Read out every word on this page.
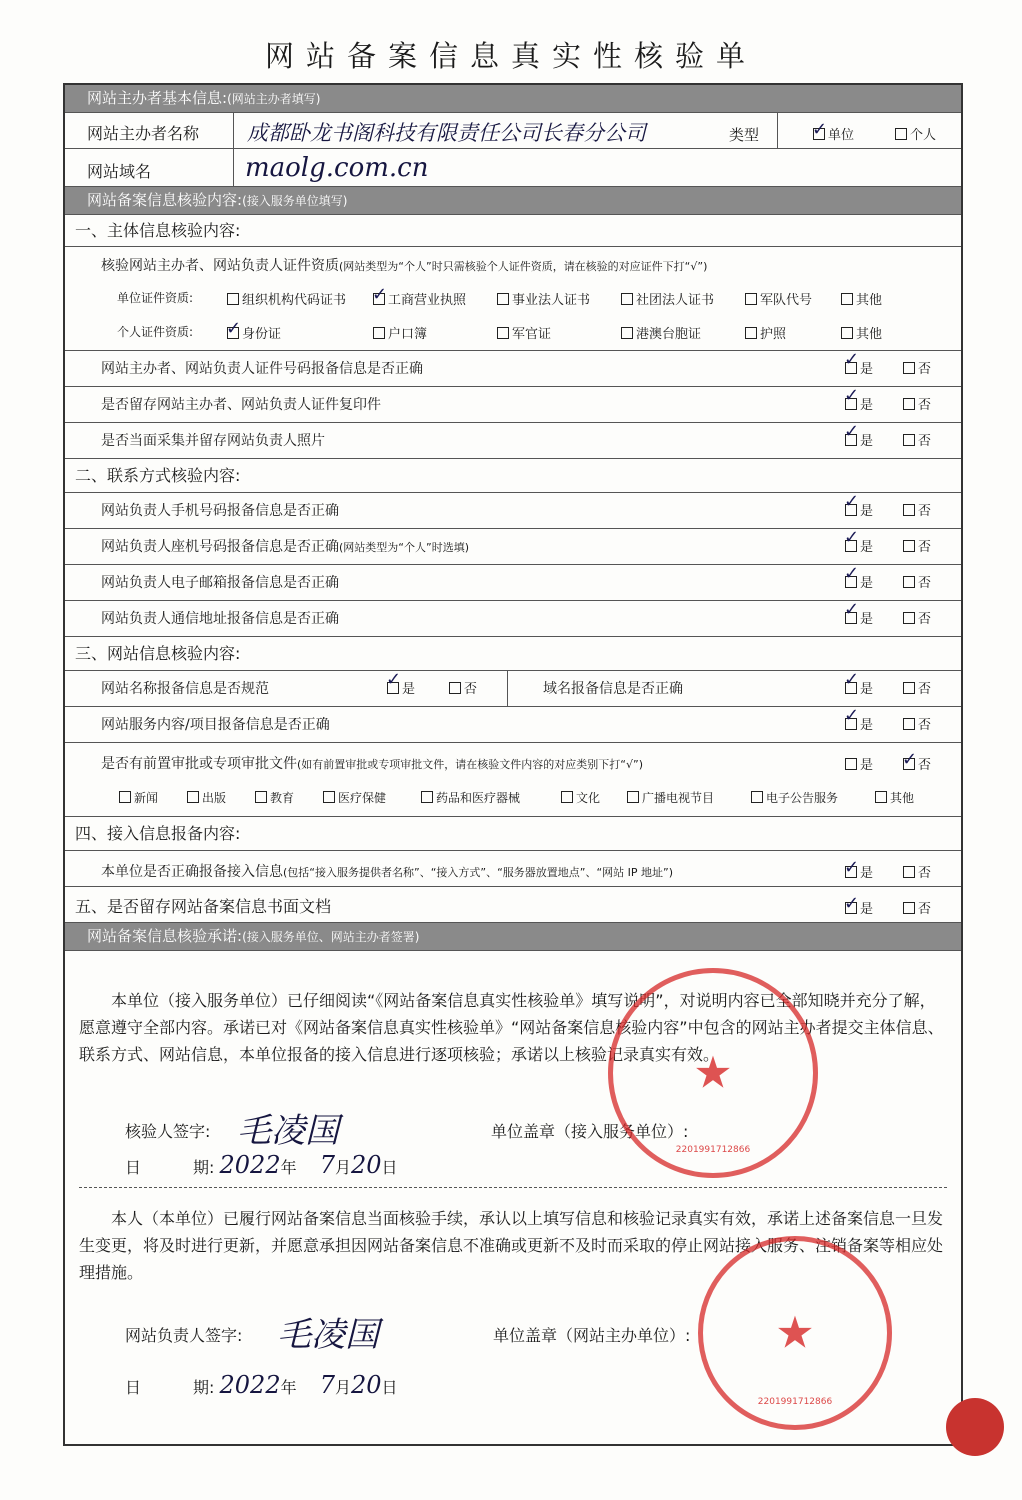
网站备案信息真实性核验单
网站主办者基本信息:(网站主办者填写)
网站主办者名称 成都卧龙书阁科技有限责任公司长春分公司	类型 ✓	单位	个人
网站域名	maolg.com.cn
网站备案信息核验内容:(接入服务单位填写)
一、主体信息核验内容:
核验网站主办者、网站负责人证件资质(网站类型为“个人”时只需核验个人证件资质，请在核验的对应证件下打“√”)
单位证件资质:	组织机构代码证书 ✓	工商营业执照	事业法人证书	社团法人证书	军队代号	其他
个人证件资质: ✓	身份证	户口簿	军官证	港澳台胞证	护照	其他
网站主办者、网站负责人证件号码报备信息是否正确 ✓	是	否
是否留存网站主办者、网站负责人证件复印件 ✓	是	否
是否当面采集并留存网站负责人照片 ✓	是	否
二、联系方式核验内容:
网站负责人手机号码报备信息是否正确 ✓	是	否
网站负责人座机号码报备信息是否正确(网站类型为“个人”时选填) ✓	是	否
网站负责人电子邮箱报备信息是否正确 ✓	是	否
网站负责人通信地址报备信息是否正确 ✓	是	否
三、网站信息核验内容:
网站名称报备信息是否规范 ✓	是	否	域名报备信息是否正确 ✓	是	否
网站服务内容/项目报备信息是否正确 ✓	是	否
是否有前置审批或专项审批文件(如有前置审批或专项审批文件，请在核验文件内容的对应类别下打“√”)	是 ✓	否
新闻	出版	教育	医疗保健	药品和医疗器械	文化	广播电视节目	电子公告服务	其他
四、接入信息报备内容:
本单位是否正确报备接入信息(包括“接入服务提供者名称”、“接入方式”、“服务器放置地点”、“网站 IP 地址”) ✓	是	否
五、是否留存网站备案信息书面文档 ✓	是	否
网站备案信息核验承诺:(接入服务单位、网站主办者签署)
本单位（接入服务单位）已仔细阅读“《网站备案信息真实性核验单》填写说明”，对说明内容已全部知晓并充分了解，愿意遵守全部内容。承诺已对《网站备案信息真实性核验单》“网站备案信息核验内容”中包含的网站主办者提交主体信息、联系方式、网站信息，本单位报备的接入信息进行逐项核验；承诺以上核验记录真实有效。
核验人签字: 毛凌国	单位盖章（接入服务单位）:
日	期: 2022年 7月20日
本人（本单位）已履行网站备案信息当面核验手续，承认以上填写信息和核验记录真实有效，承诺上述备案信息一旦发生变更，将及时进行更新，并愿意承担因网站备案信息不准确或更新不及时而采取的停止网站接入服务、注销备案等相应处理措施。
网站负责人签字: 毛凌国	单位盖章（网站主办单位）:
日	期: 2022年 7月20日
★
2201991712866
★
2201991712866
